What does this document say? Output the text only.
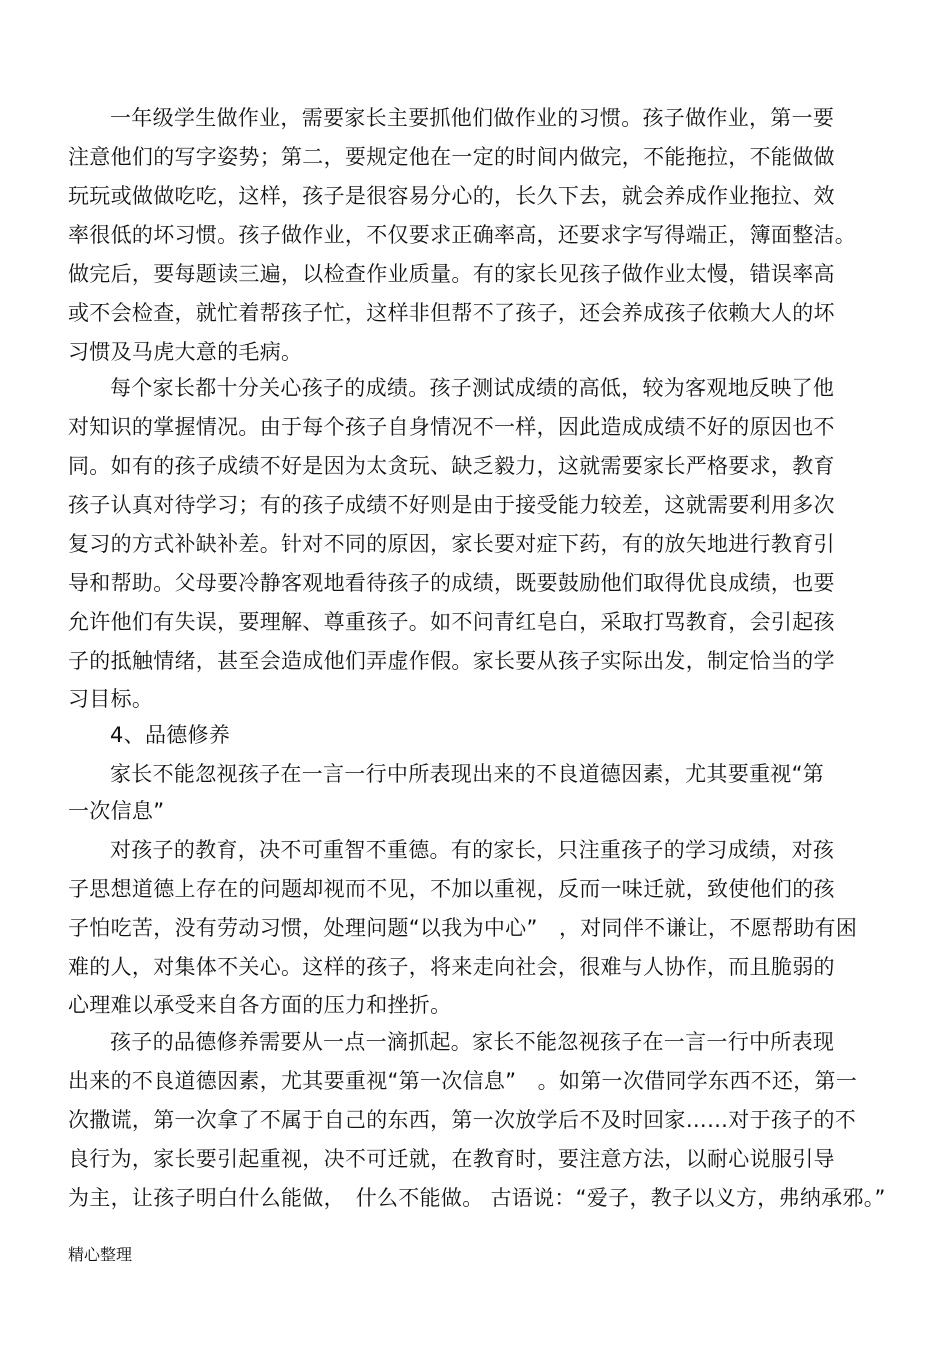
一年级学生做作业，需要家长主要抓他们做作业的习惯。孩子做作业，第一要
注意他们的写字姿势；第二，要规定他在一定的时间内做完，不能拖拉，不能做做
玩玩或做做吃吃，这样，孩子是很容易分心的，长久下去，就会养成作业拖拉、效
率很低的坏习惯。孩子做作业，不仅要求正确率高，还要求字写得端正，簿面整洁。
做完后，要每题读三遍，以检查作业质量。有的家长见孩子做作业太慢，错误率高
或不会检查，就忙着帮孩子忙，这样非但帮不了孩子，还会养成孩子依赖大人的坏
习惯及马虎大意的毛病。
每个家长都十分关心孩子的成绩。孩子测试成绩的高低，较为客观地反映了他
对知识的掌握情况。由于每个孩子自身情况不一样，因此造成成绩不好的原因也不
同。如有的孩子成绩不好是因为太贪玩、缺乏毅力，这就需要家长严格要求，教育
孩子认真对待学习；有的孩子成绩不好则是由于接受能力较差，这就需要利用多次
复习的方式补缺补差。针对不同的原因，家长要对症下药，有的放矢地进行教育引
导和帮助。父母要冷静客观地看待孩子的成绩，既要鼓励他们取得优良成绩，也要
允许他们有失误，要理解、尊重孩子。如不问青红皂白，采取打骂教育，会引起孩
子的抵触情绪，甚至会造成他们弄虚作假。家长要从孩子实际出发，制定恰当的学
习目标。
4、品德修养
家长不能忽视孩子在一言一行中所表现出来的不良道德因素，尤其要重视“第
一次信息”
对孩子的教育，决不可重智不重德。有的家长，只注重孩子的学习成绩，对孩
子思想道德上存在的问题却视而不见，不加以重视，反而一味迁就，致使他们的孩
子怕吃苦，没有劳动习惯，处理问题“以我为中心”　，对同伴不谦让，不愿帮助有困
难的人，对集体不关心。这样的孩子，将来走向社会，很难与人协作，而且脆弱的
心理难以承受来自各方面的压力和挫折。
孩子的品德修养需要从一点一滴抓起。家长不能忽视孩子在一言一行中所表现
出来的不良道德因素，尤其要重视“第一次信息”　。如第一次借同学东西不还，第一
次撒谎，第一次拿了不属于自己的东西，第一次放学后不及时回家……对于孩子的不
良行为，家长要引起重视，决不可迁就，在教育时，要注意方法，以耐心说服引导
为主，让孩子明白什么能做，　什么不能做。 古语说：“爱子，教子以义方，弗纳承邪。”
精心整理
